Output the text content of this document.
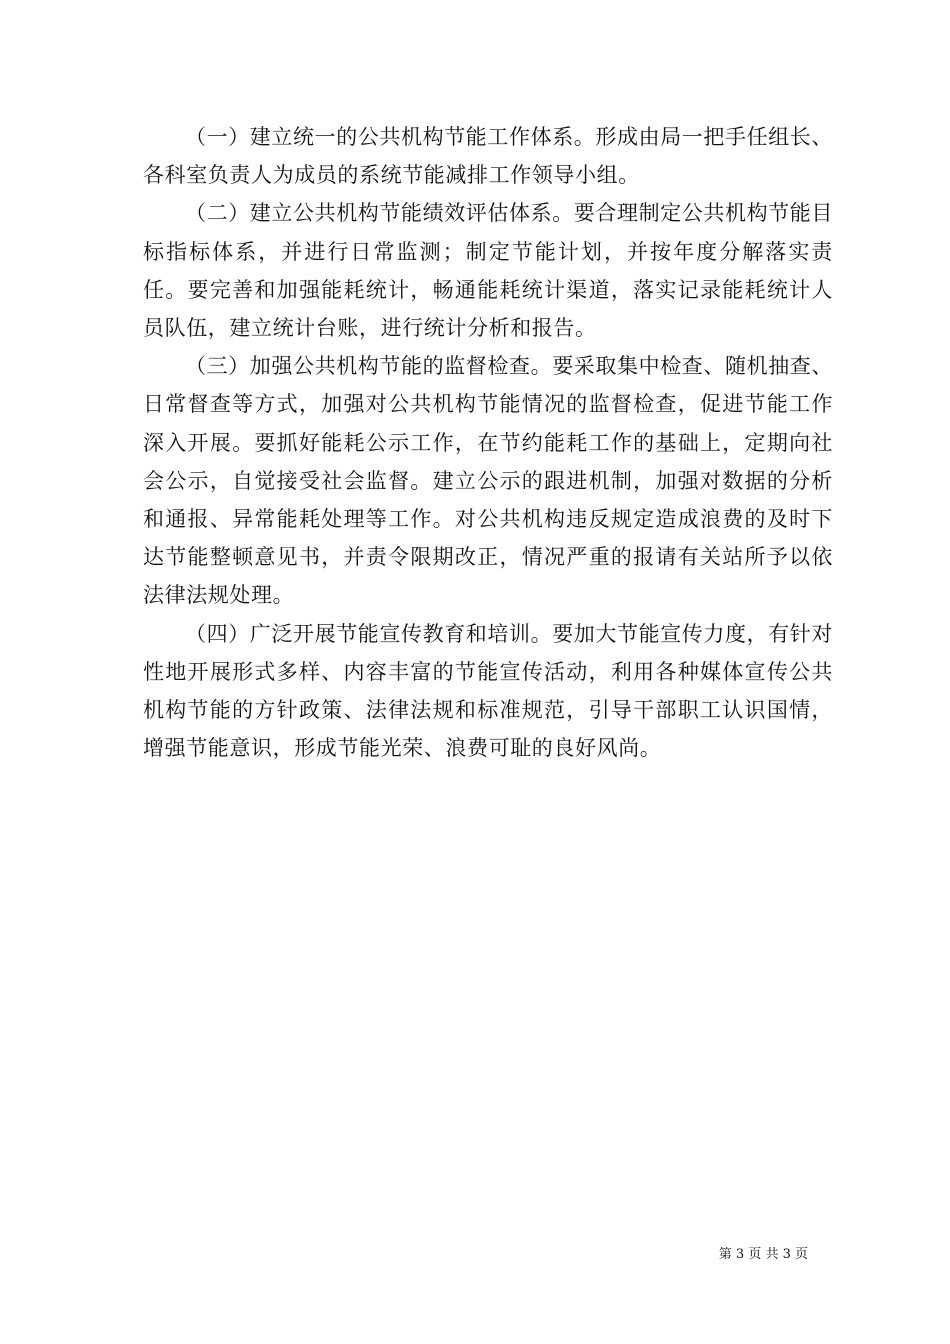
（一）建立统一的公共机构节能工作体系。形成由局一把手任组长、各科室负责人为成员的系统节能减排工作领导小组。

（二）建立公共机构节能绩效评估体系。要合理制定公共机构节能目标指标体系，并进行日常监测；制定节能计划，并按年度分解落实责任。要完善和加强能耗统计，畅通能耗统计渠道，落实记录能耗统计人员队伍，建立统计台账，进行统计分析和报告。

（三）加强公共机构节能的监督检查。要采取集中检查、随机抽查、日常督查等方式，加强对公共机构节能情况的监督检查，促进节能工作深入开展。要抓好能耗公示工作，在节约能耗工作的基础上，定期向社会公示，自觉接受社会监督。建立公示的跟进机制，加强对数据的分析和通报、异常能耗处理等工作。对公共机构违反规定造成浪费的及时下达节能整顿意见书，并责令限期改正，情况严重的报请有关站所予以依法律法规处理。

（四）广泛开展节能宣传教育和培训。要加大节能宣传力度，有针对性地开展形式多样、内容丰富的节能宣传活动，利用各种媒体宣传公共机构节能的方针政策、法律法规和标准规范，引导干部职工认识国情，增强节能意识，形成节能光荣、浪费可耻的良好风尚。

第 3 页 共 3 页
